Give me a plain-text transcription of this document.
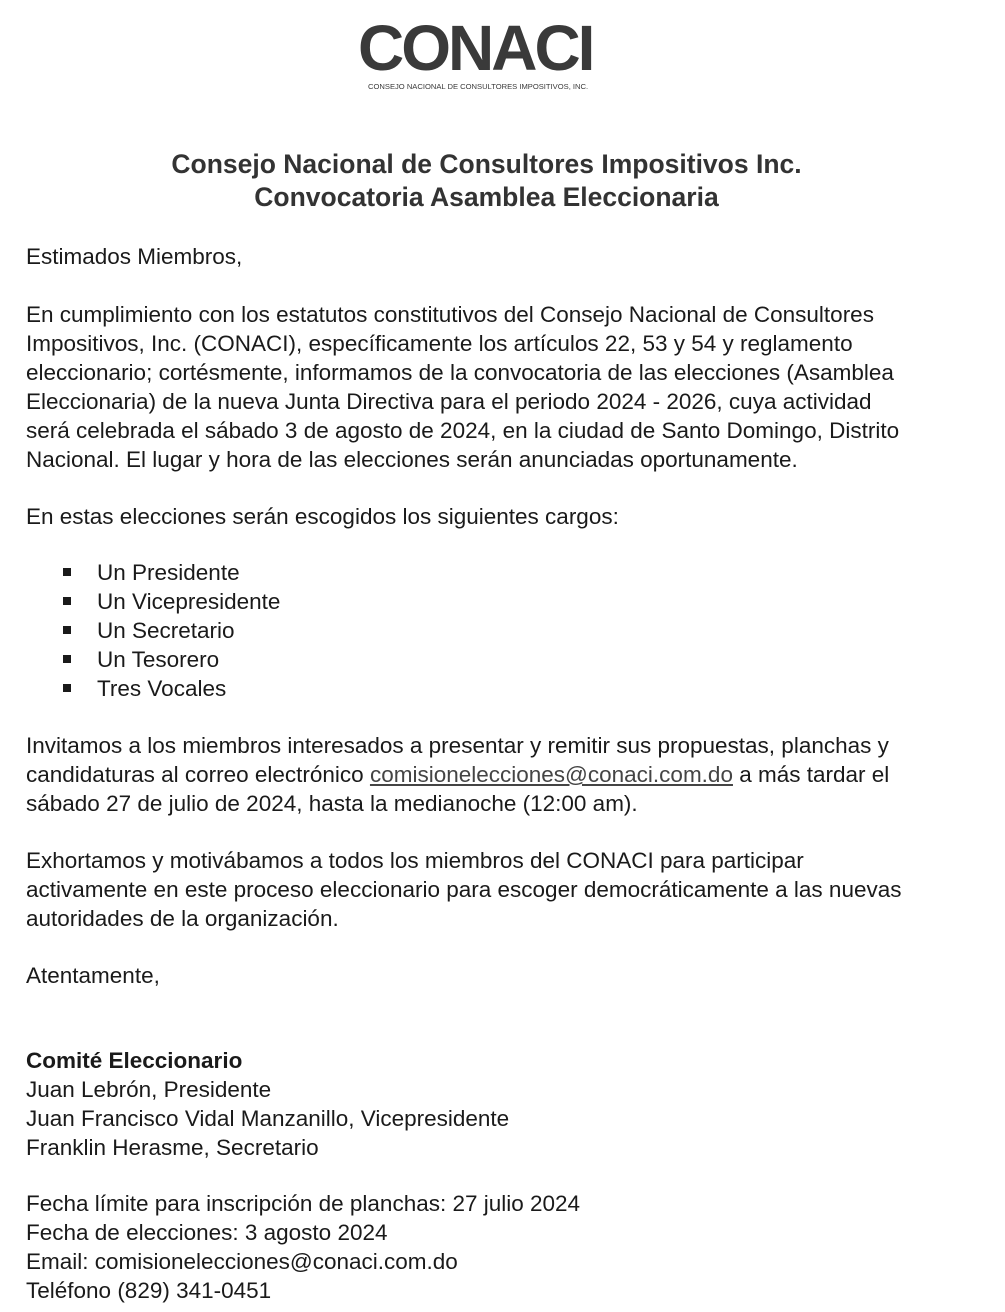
CONACI
CONSEJO NACIONAL DE CONSULTORES IMPOSITIVOS, INC.
Consejo Nacional de Consultores Impositivos Inc.
Convocatoria Asamblea Eleccionaria
Estimados Miembros,
En cumplimiento con los estatutos constitutivos del Consejo Nacional de Consultores
Impositivos, Inc. (CONACI), específicamente los artículos 22, 53 y 54 y reglamento
eleccionario; cortésmente, informamos de la convocatoria de las elecciones (Asamblea
Eleccionaria) de la nueva Junta Directiva para el periodo 2024 - 2026, cuya actividad
será celebrada el sábado 3 de agosto de 2024, en la ciudad de Santo Domingo, Distrito
Nacional. El lugar y hora de las elecciones serán anunciadas oportunamente.
En estas elecciones serán escogidos los siguientes cargos:
Un Presidente
Un Vicepresidente
Un Secretario
Un Tesorero
Tres Vocales
Invitamos a los miembros interesados a presentar y remitir sus propuestas, planchas y
candidaturas al correo electrónico comisionelecciones@conaci.com.do a más tardar el
sábado 27 de julio de 2024, hasta la medianoche (12:00 am).
Exhortamos y motivábamos a todos los miembros del CONACI para participar
activamente en este proceso eleccionario para escoger democráticamente a las nuevas
autoridades de la organización.
Atentamente,
Comité Eleccionario
Juan Lebrón, Presidente
Juan Francisco Vidal Manzanillo, Vicepresidente
Franklin Herasme, Secretario
Fecha límite para inscripción de planchas: 27 julio 2024
Fecha de elecciones: 3 agosto 2024
Email: comisionelecciones@conaci.com.do
Teléfono (829) 341-0451
